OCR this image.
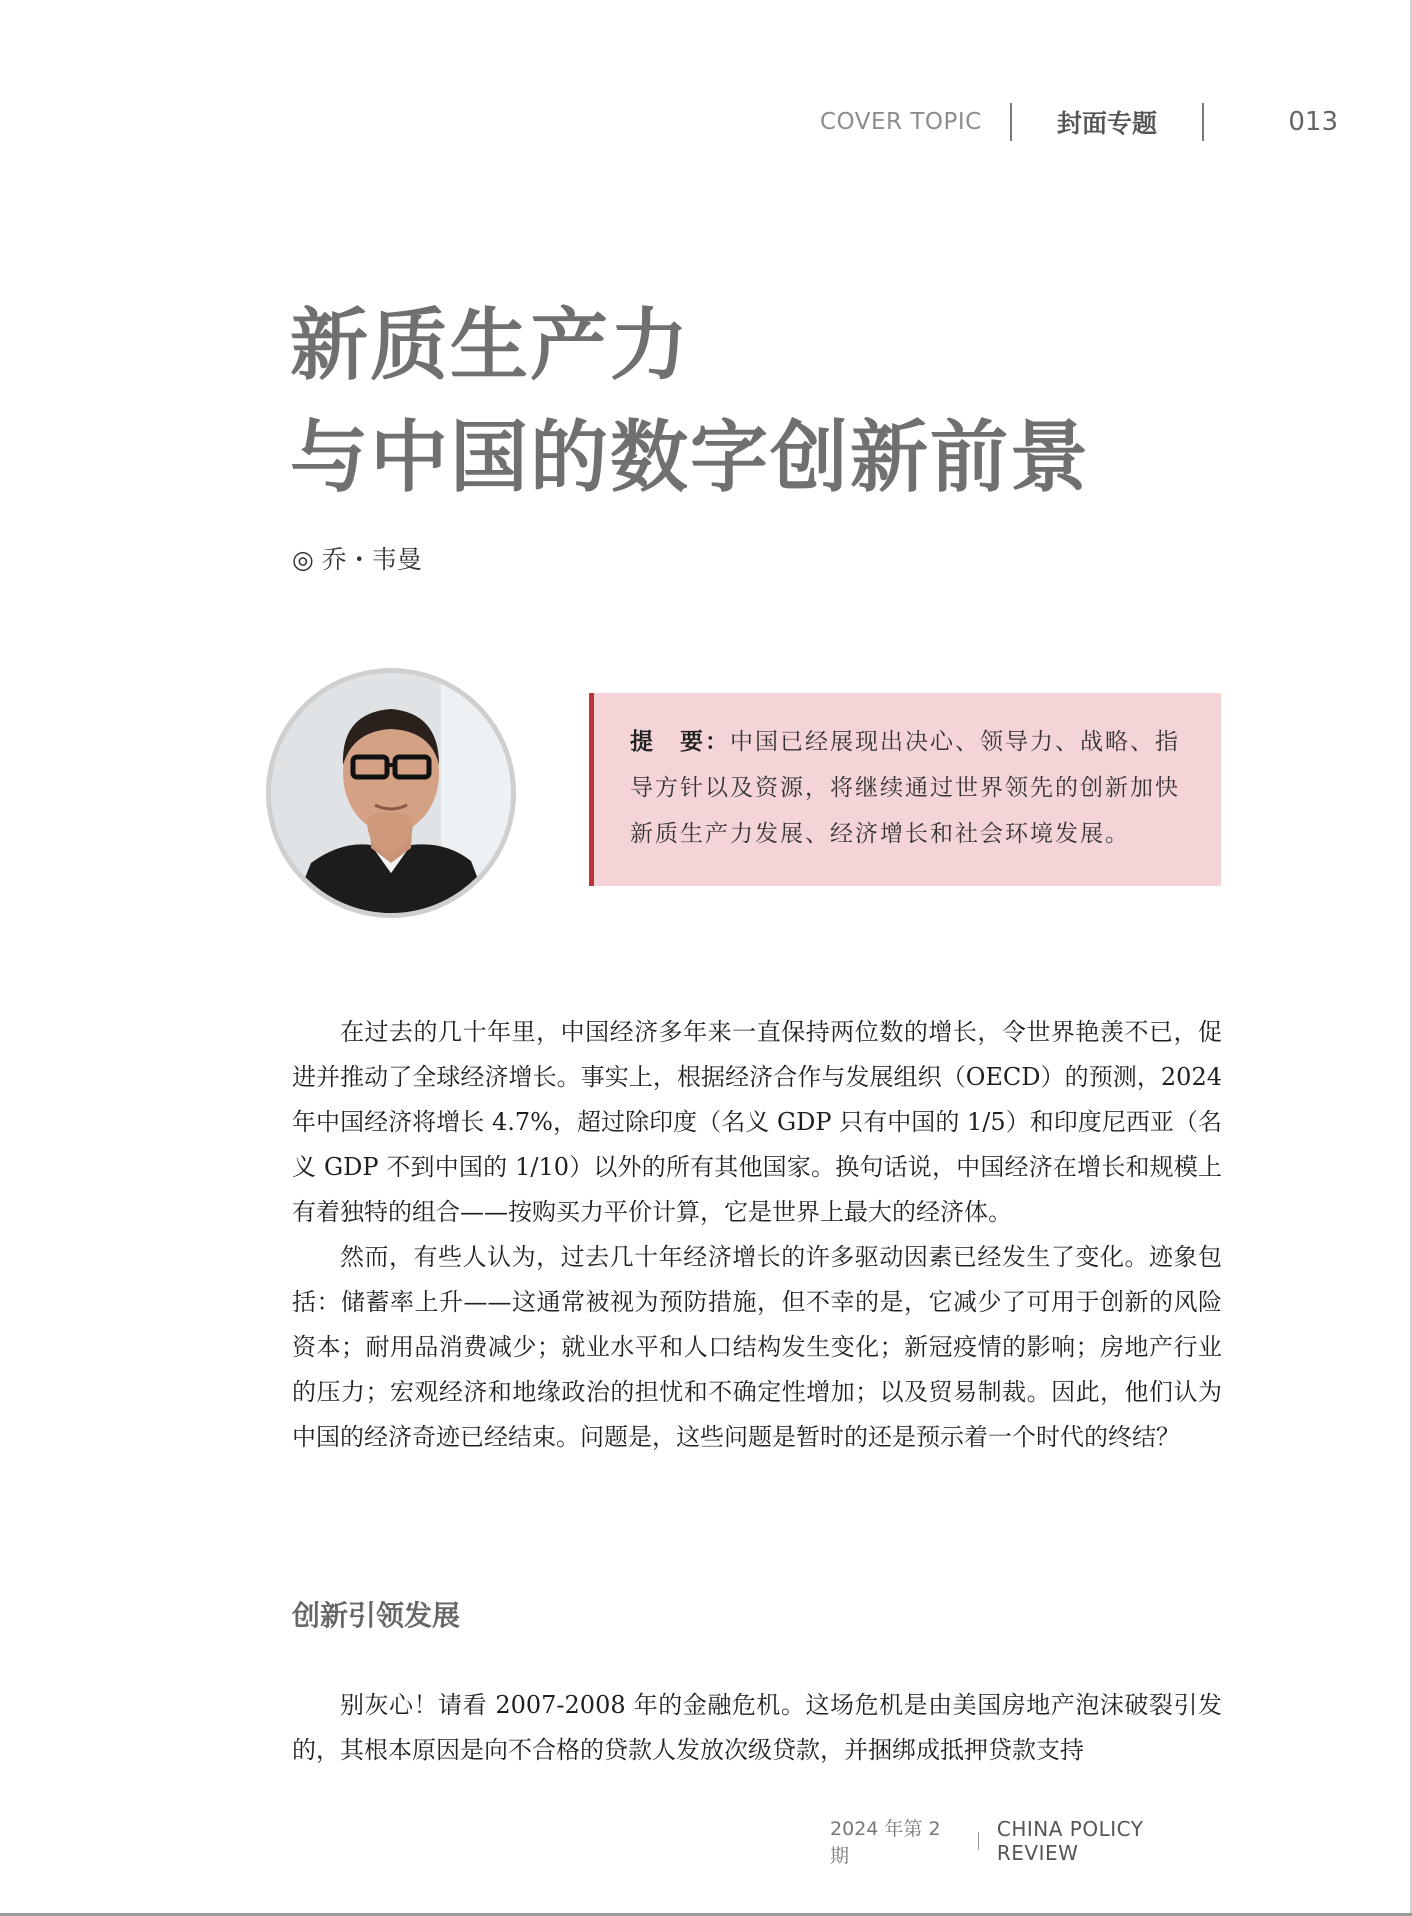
COVER TOPIC	封面专题	013
新质生产力
与中国的数字创新前景
◎ 乔・韦曼
提　要：中国已经展现出决心、领导力、战略、指导方针以及资源，将继续通过世界领先的创新加快新质生产力发展、经济增长和社会环境发展。

在过去的几十年里，中国经济多年来一直保持两位数的增长，令世界艳羡不已，促进并推动了全球经济增长。事实上，根据经济合作与发展组织（OECD）的预测，2024 年中国经济将增长 4.7%，超过除印度（名义 GDP 只有中国的 1/5）和印度尼西亚（名义 GDP 不到中国的 1/10）以外的所有其他国家。换句话说，中国经济在增长和规模上有着独特的组合——按购买力平价计算，它是世界上最大的经济体。

然而，有些人认为，过去几十年经济增长的许多驱动因素已经发生了变化。迹象包括：储蓄率上升——这通常被视为预防措施，但不幸的是，它减少了可用于创新的风险资本；耐用品消费减少；就业水平和人口结构发生变化；新冠疫情的影响；房地产行业的压力；宏观经济和地缘政治的担忧和不确定性增加；以及贸易制裁。因此，他们认为中国的经济奇迹已经结束。问题是，这些问题是暂时的还是预示着一个时代的终结？

创新引领发展

别灰心！请看 2007-2008 年的金融危机。这场危机是由美国房地产泡沫破裂引发的，其根本原因是向不合格的贷款人发放次级贷款，并捆绑成抵押贷款支持

2024 年第 2 期
CHINA POLICY REVIEW
